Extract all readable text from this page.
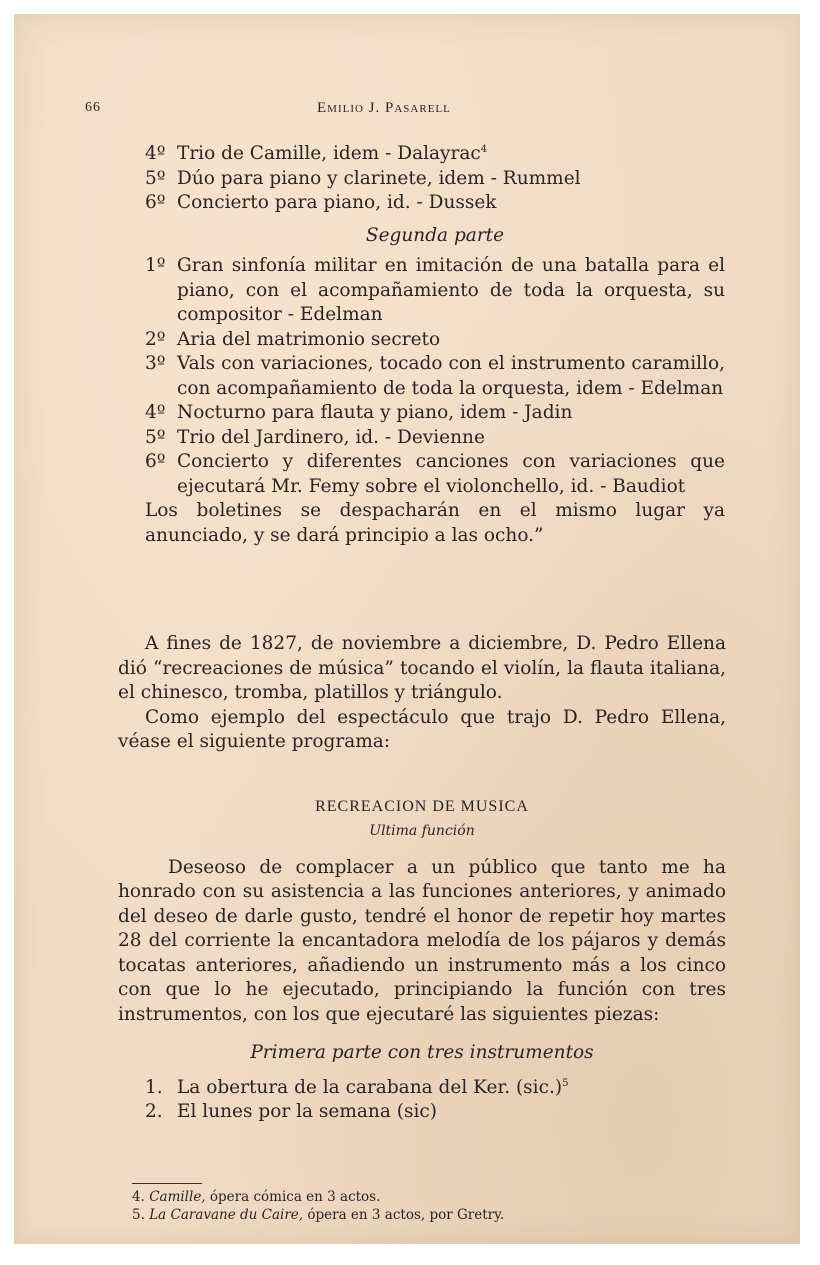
66	Emilio J. Pasarell
4º Trio de Camille, idem - Dalayrac$^4$
5º Dúo para piano y clarinete, idem - Rummel
6º Concierto para piano, id. - Dussek
Segunda parte
1º Gran sinfonía militar en imitación de una batalla para el piano, con el acompañamiento de toda la orquesta, su compositor - Edelman
2º Aria del matrimonio secreto
3º Vals con variaciones, tocado con el instrumento caramillo, con acompañamiento de toda la orquesta, idem - Edelman
4º Nocturno para flauta y piano, idem - Jadin
5º Trio del Jardinero, id. - Devienne
6º Concierto y diferentes canciones con variaciones que ejecutará Mr. Femy sobre el violonchello, id. - Baudiot
Los boletines se despacharán en el mismo lugar ya anunciado, y se dará principio a las ocho.”
A fines de 1827, de noviembre a diciembre, D. Pedro Ellena dió “recreaciones de música” tocando el violín, la flauta italiana, el chinesco, tromba, platillos y triángulo.
Como ejemplo del espectáculo que trajo D. Pedro Ellena, véase el siguiente programa:
RECREACION DE MUSICA
Ultima función
Deseoso de complacer a un público que tanto me ha honrado con su asistencia a las funciones anteriores, y animado del deseo de darle gusto, tendré el honor de repetir hoy martes 28 del corriente la encantadora melodía de los pájaros y demás tocatas anteriores, añadiendo un instrumento más a los cinco con que lo he ejecutado, principiando la función con tres instrumentos, con los que ejecutaré las siguientes piezas:
Primera parte con tres instrumentos
1. La obertura de la carabana del Ker. $(sic.)^5$
2. El lunes por la semana (sic)
4. Camille, ópera cómica en 3 actos.
5. La Caravane du Caire, ópera en 3 actos, por Gretry.
